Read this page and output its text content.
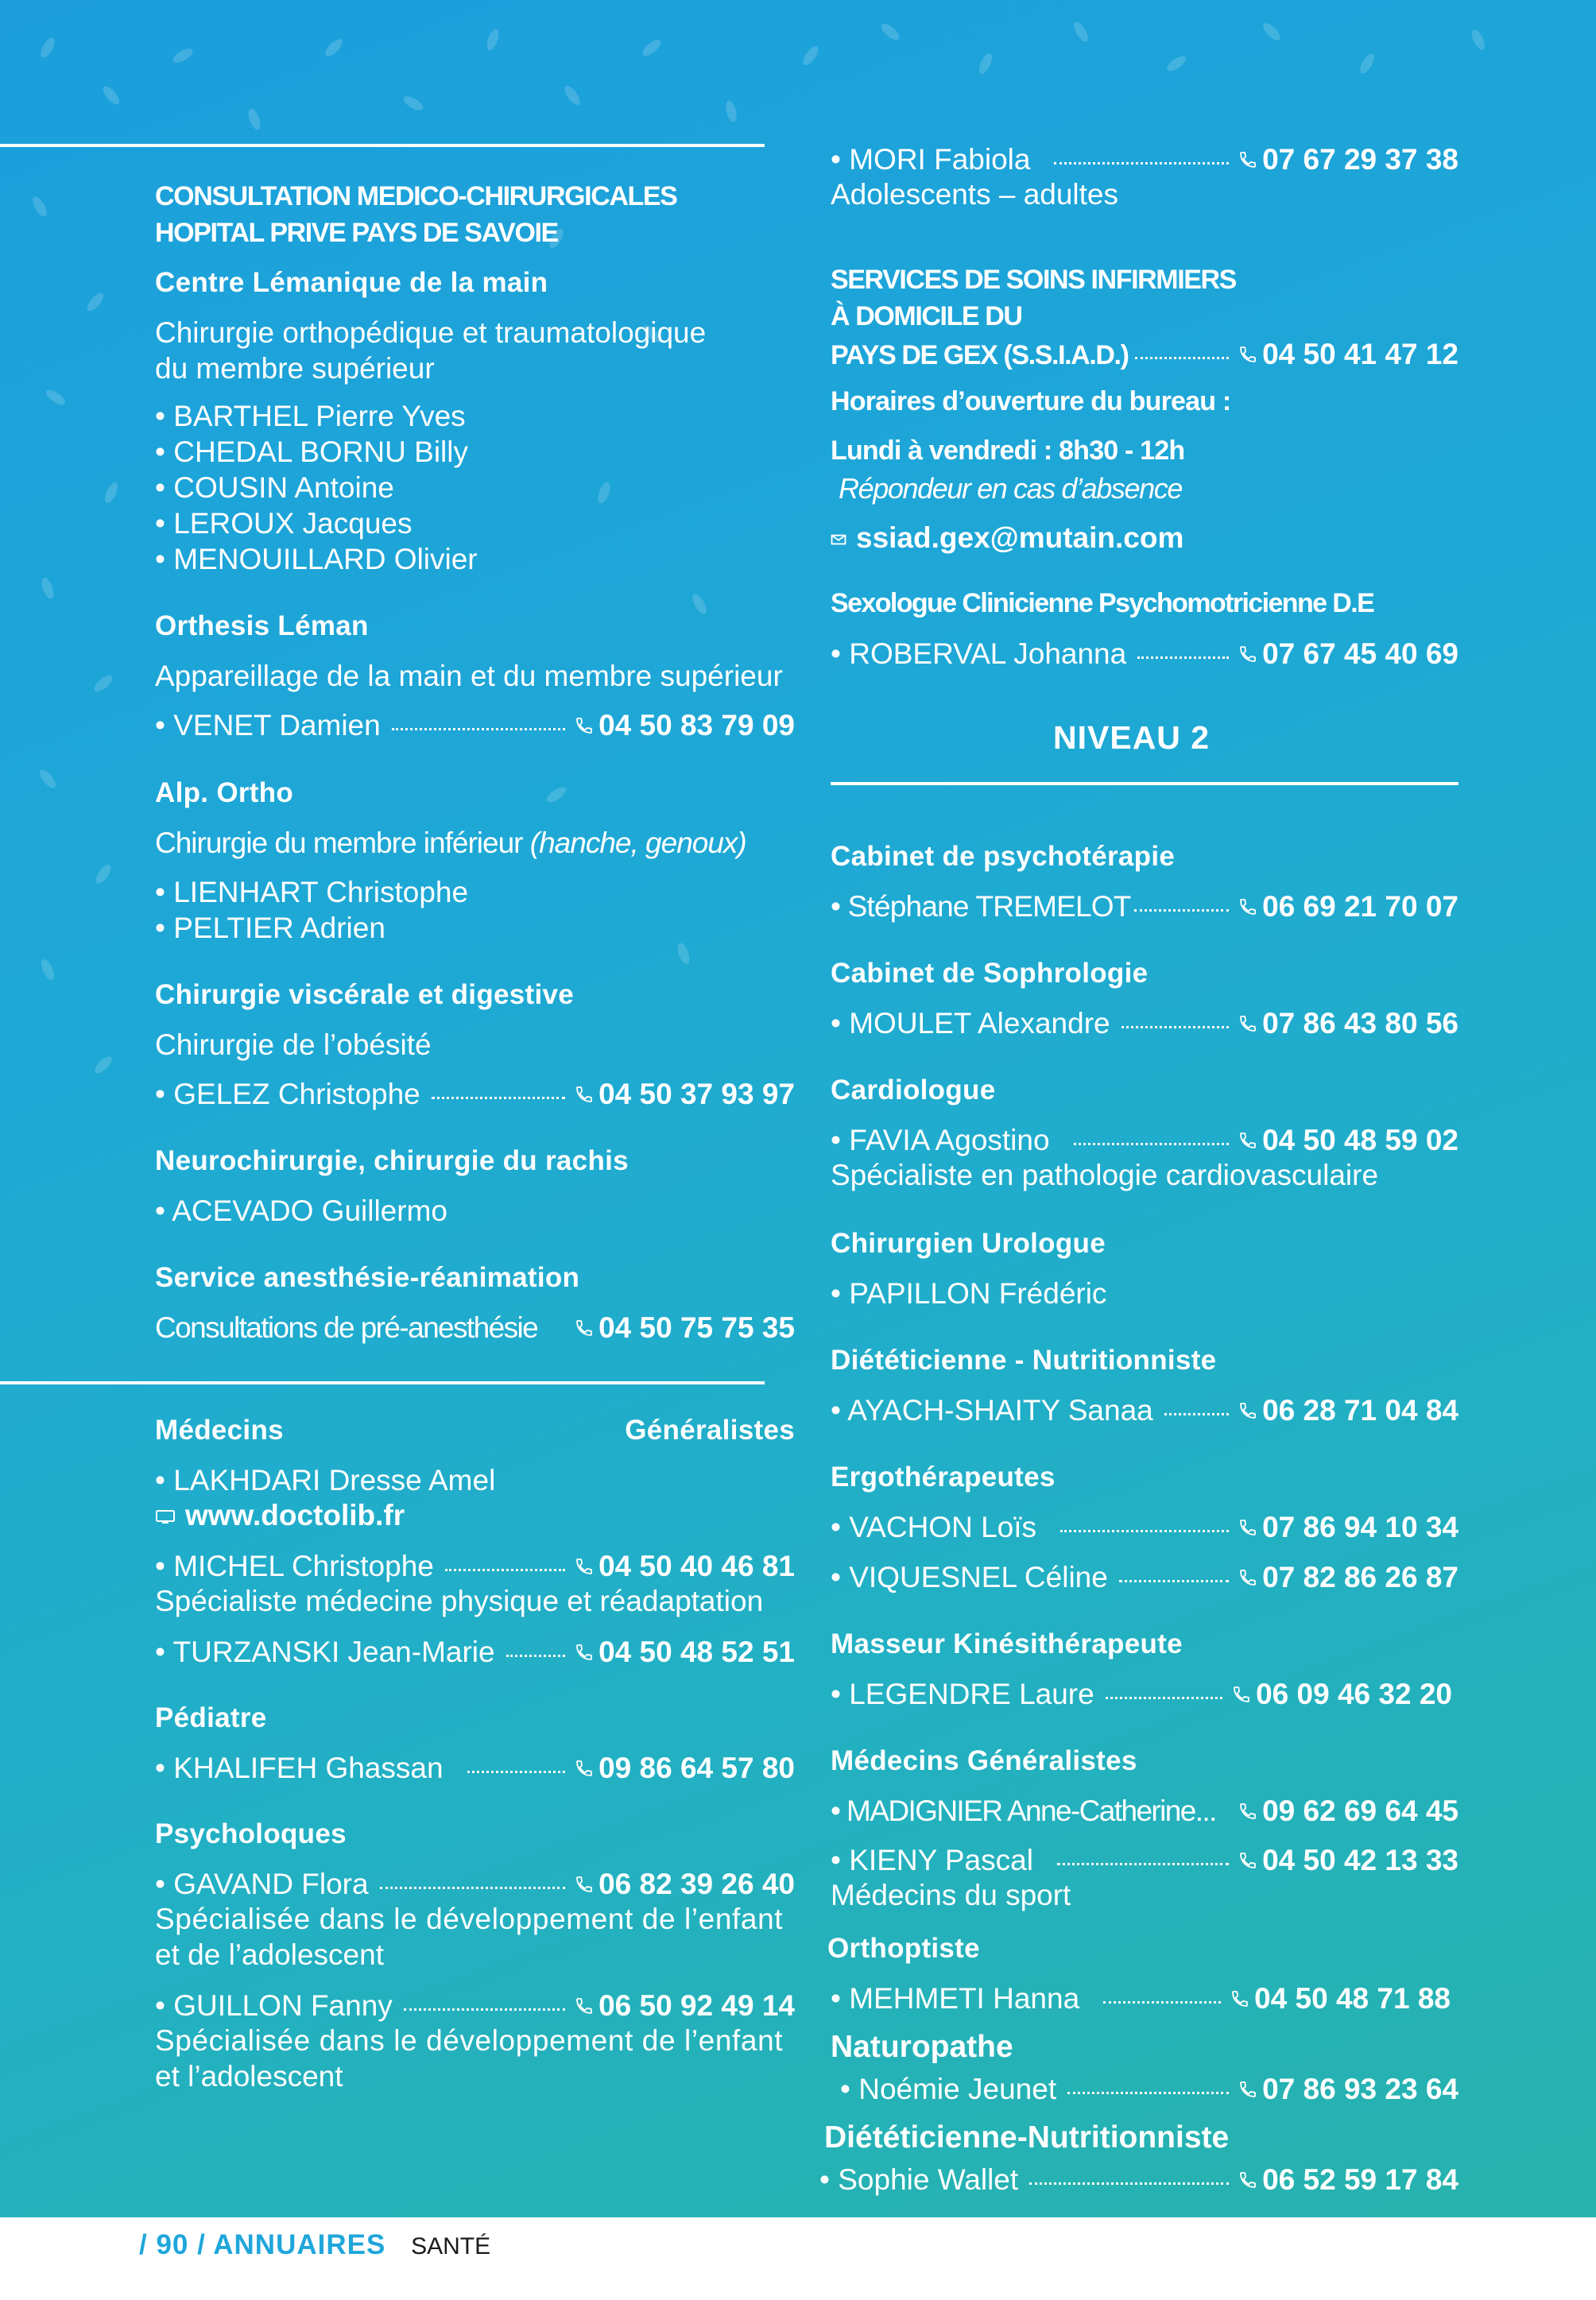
CONSULTATION MEDICO-CHIRURGICALES
HOPITAL PRIVE PAYS DE SAVOIE
Centre Lémanique de la main
Chirurgie orthopédique et traumatologique
du membre supérieur
• BARTHEL Pierre Yves
• CHEDAL BORNU Billy
• COUSIN Antoine
• LEROUX Jacques
• MENOUILLARD Olivier
Orthesis Léman
Appareillage de la main et du membre supérieur
• VENET Damien	04 50 83 79 09
Alp. Ortho
Chirurgie du membre inférieur (hanche, genoux)
• LIENHART Christophe
• PELTIER Adrien
Chirurgie viscérale et digestive
Chirurgie de l’obésité
• GELEZ Christophe	04 50 37 93 97
Neurochirurgie, chirurgie du rachis
• ACEVADO Guillermo
Service anesthésie-réanimation
Consultations de pré-anesthésie 04 50 75 75 35
Médecins	Généralistes
• LAKHDARI Dresse Amel
www.doctolib.fr
• MICHEL Christophe	04 50 40 46 81
Spécialiste médecine physique et réadaptation
• TURZANSKI Jean-Marie	04 50 48 52 51
Pédiatre
• KHALIFEH Ghassan	09 86 64 57 80
Psycholoques
• GAVAND Flora	06 82 39 26 40
Spécialisée dans le développement de l’enfant
et de l’adolescent
• GUILLON Fanny	06 50 92 49 14
Spécialisée dans le développement de l’enfant
et l’adolescent
• MORI Fabiola	07 67 29 37 38
Adolescents – adultes
SERVICES DE SOINS INFIRMIERS
À DOMICILE DU
PAYS DE GEX (S.S.I.A.D.)	04 50 41 47 12
Horaires d’ouverture du bureau :
Lundi à vendredi : 8h30 - 12h
Répondeur en cas d’absence
ssiad.gex@mutain.com
Sexologue Clinicienne Psychomotricienne D.E
• ROBERVAL Johanna	07 67 45 40 69
NIVEAU 2
Cabinet de psychotérapie
• Stéphane TREMELOT	06 69 21 70 07
Cabinet de Sophrologie
• MOULET Alexandre	07 86 43 80 56
Cardiologue
• FAVIA Agostino	04 50 48 59 02
Spécialiste en pathologie cardiovasculaire
Chirurgien Urologue
• PAPILLON Frédéric
Diététicienne - Nutritionniste
• AYACH-SHAITY Sanaa	06 28 71 04 84
Ergothérapeutes
• VACHON Loïs	07 86 94 10 34
• VIQUESNEL Céline	07 82 86 26 87
Masseur Kinésithérapeute
• LEGENDRE Laure	06 09 46 32 20
Médecins Généralistes
• MADIGNIER Anne-Catherine... 09 62 69 64 45
• KIENY Pascal	04 50 42 13 33
Médecins du sport
Orthoptiste
• MEHMETI Hanna	04 50 48 71 88
Naturopathe
• Noémie Jeunet	07 86 93 23 64
Diététicienne-Nutritionniste
• Sophie Wallet	06 52 59 17 84
/ 90 / ANNUAIRES SANTÉ
